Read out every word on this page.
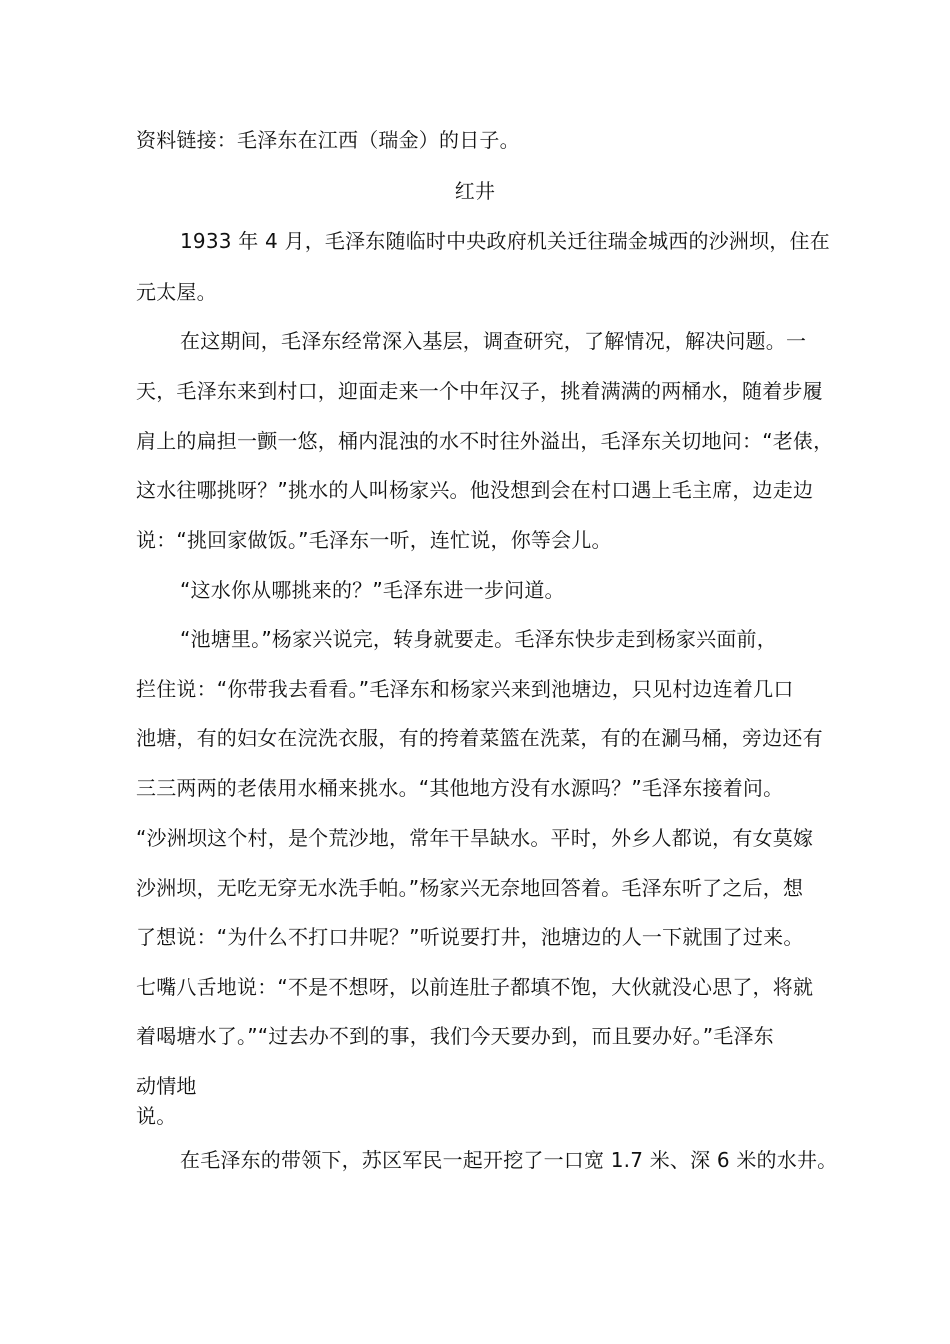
资料链接：毛泽东在江西（瑞金）的日子。
红井
1933 年 4 月，毛泽东随临时中央政府机关迁往瑞金城西的沙洲坝，住在
元太屋。
在这期间，毛泽东经常深入基层，调查研究，了解情况，解决问题。一
天，毛泽东来到村口，迎面走来一个中年汉子，挑着满满的两桶水，随着步履
肩上的扁担一颤一悠，桶内混浊的水不时往外溢出，毛泽东关切地问：“老俵，
这水往哪挑呀？”挑水的人叫杨家兴。他没想到会在村口遇上毛主席，边走边
说：“挑回家做饭。”毛泽东一听，连忙说，你等会儿。
“这水你从哪挑来的？”毛泽东进一步问道。
“池塘里。”杨家兴说完，转身就要走。毛泽东快步走到杨家兴面前，
拦住说：“你带我去看看。”毛泽东和杨家兴来到池塘边，只见村边连着几口
池塘，有的妇女在浣洗衣服，有的挎着菜篮在洗菜，有的在涮马桶，旁边还有
三三两两的老俵用水桶来挑水。“其他地方没有水源吗？”毛泽东接着问。
“沙洲坝这个村，是个荒沙地，常年干旱缺水。平时，外乡人都说，有女莫嫁
沙洲坝，无吃无穿无水洗手帕。”杨家兴无奈地回答着。毛泽东听了之后，想
了想说：“为什么不打口井呢？”听说要打井，池塘边的人一下就围了过来。
七嘴八舌地说：“不是不想呀，以前连肚子都填不饱，大伙就没心思了，将就
着喝塘水了。”“过去办不到的事，我们今天要办到，而且要办好。”毛泽东
动情地
说。
在毛泽东的带领下，苏区军民一起开挖了一口宽 1.7 米、深 6 米的水井。
